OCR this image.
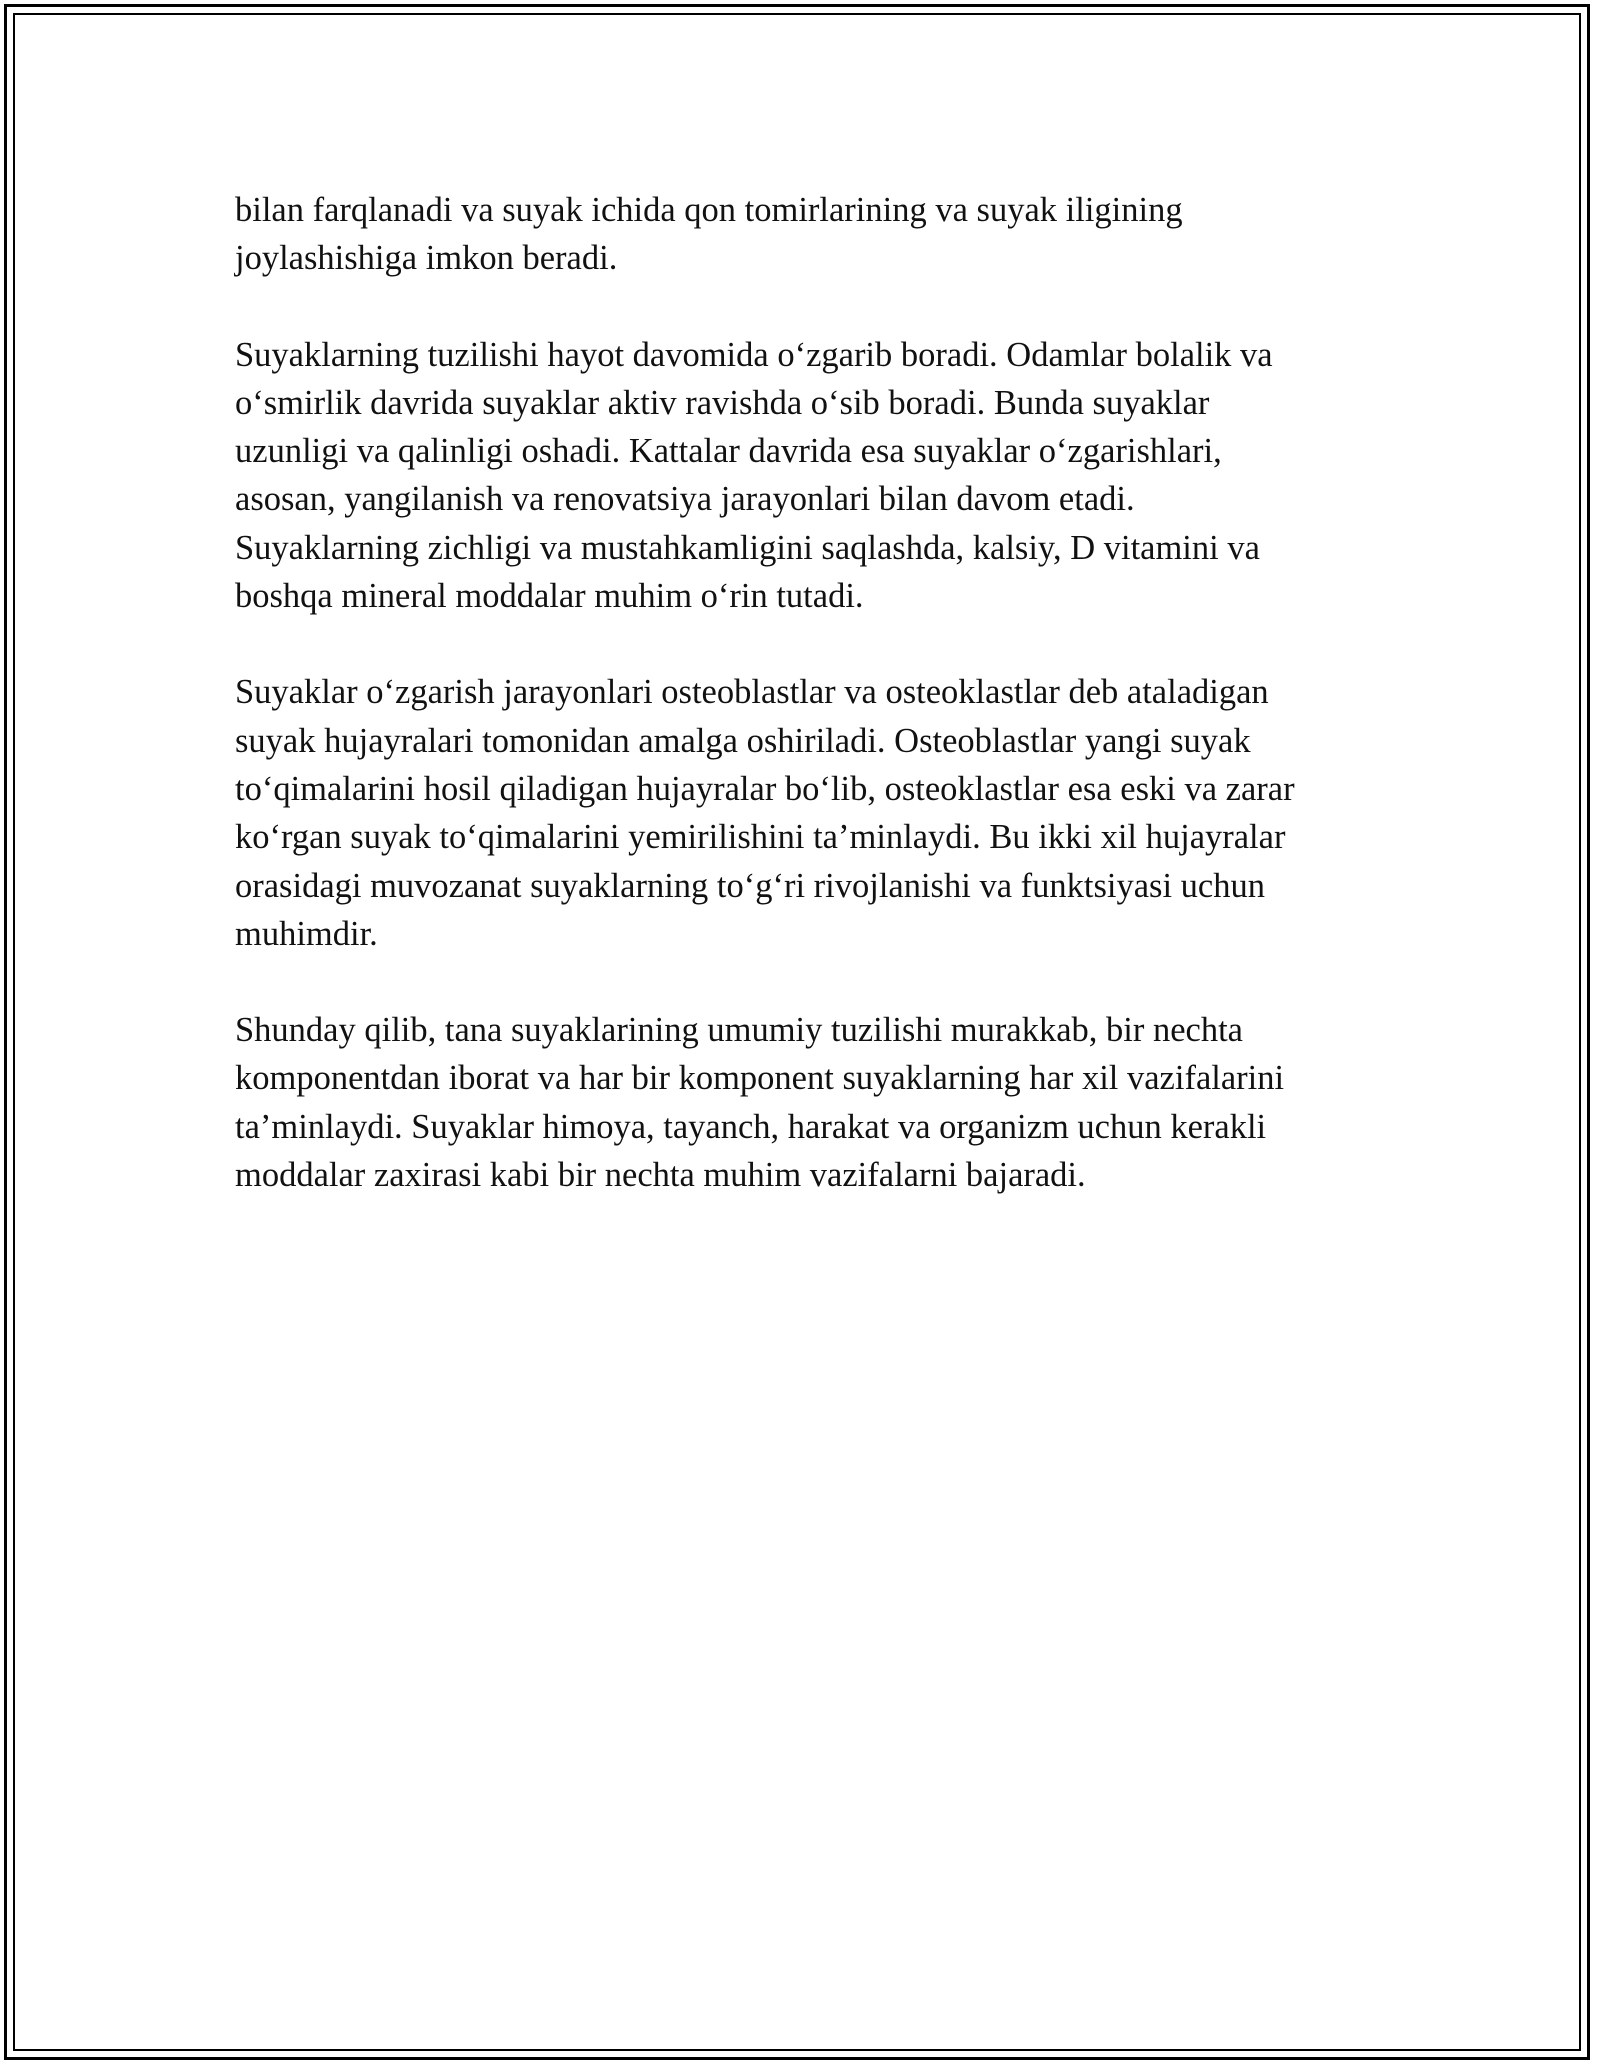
bilan farqlanadi va suyak ichida qon tomirlarining va suyak iligining
joylashishiga imkon beradi.

Suyaklarning tuzilishi hayot davomida o‘zgarib boradi. Odamlar bolalik va
o‘smirlik davrida suyaklar aktiv ravishda o‘sib boradi. Bunda suyaklar
uzunligi va qalinligi oshadi. Kattalar davrida esa suyaklar o‘zgarishlari,
asosan, yangilanish va renovatsiya jarayonlari bilan davom etadi.
Suyaklarning zichligi va mustahkamligini saqlashda, kalsiy, D vitamini va
boshqa mineral moddalar muhim o‘rin tutadi.

Suyaklar o‘zgarish jarayonlari osteoblastlar va osteoklastlar deb ataladigan
suyak hujayralari tomonidan amalga oshiriladi. Osteoblastlar yangi suyak
to‘qimalarini hosil qiladigan hujayralar bo‘lib, osteoklastlar esa eski va zarar
ko‘rgan suyak to‘qimalarini yemirilishini ta’minlaydi. Bu ikki xil hujayralar
orasidagi muvozanat suyaklarning to‘g‘ri rivojlanishi va funktsiyasi uchun
muhimdir.

Shunday qilib, tana suyaklarining umumiy tuzilishi murakkab, bir nechta
komponentdan iborat va har bir komponent suyaklarning har xil vazifalarini
ta’minlaydi. Suyaklar himoya, tayanch, harakat va organizm uchun kerakli
moddalar zaxirasi kabi bir nechta muhim vazifalarni bajaradi.
